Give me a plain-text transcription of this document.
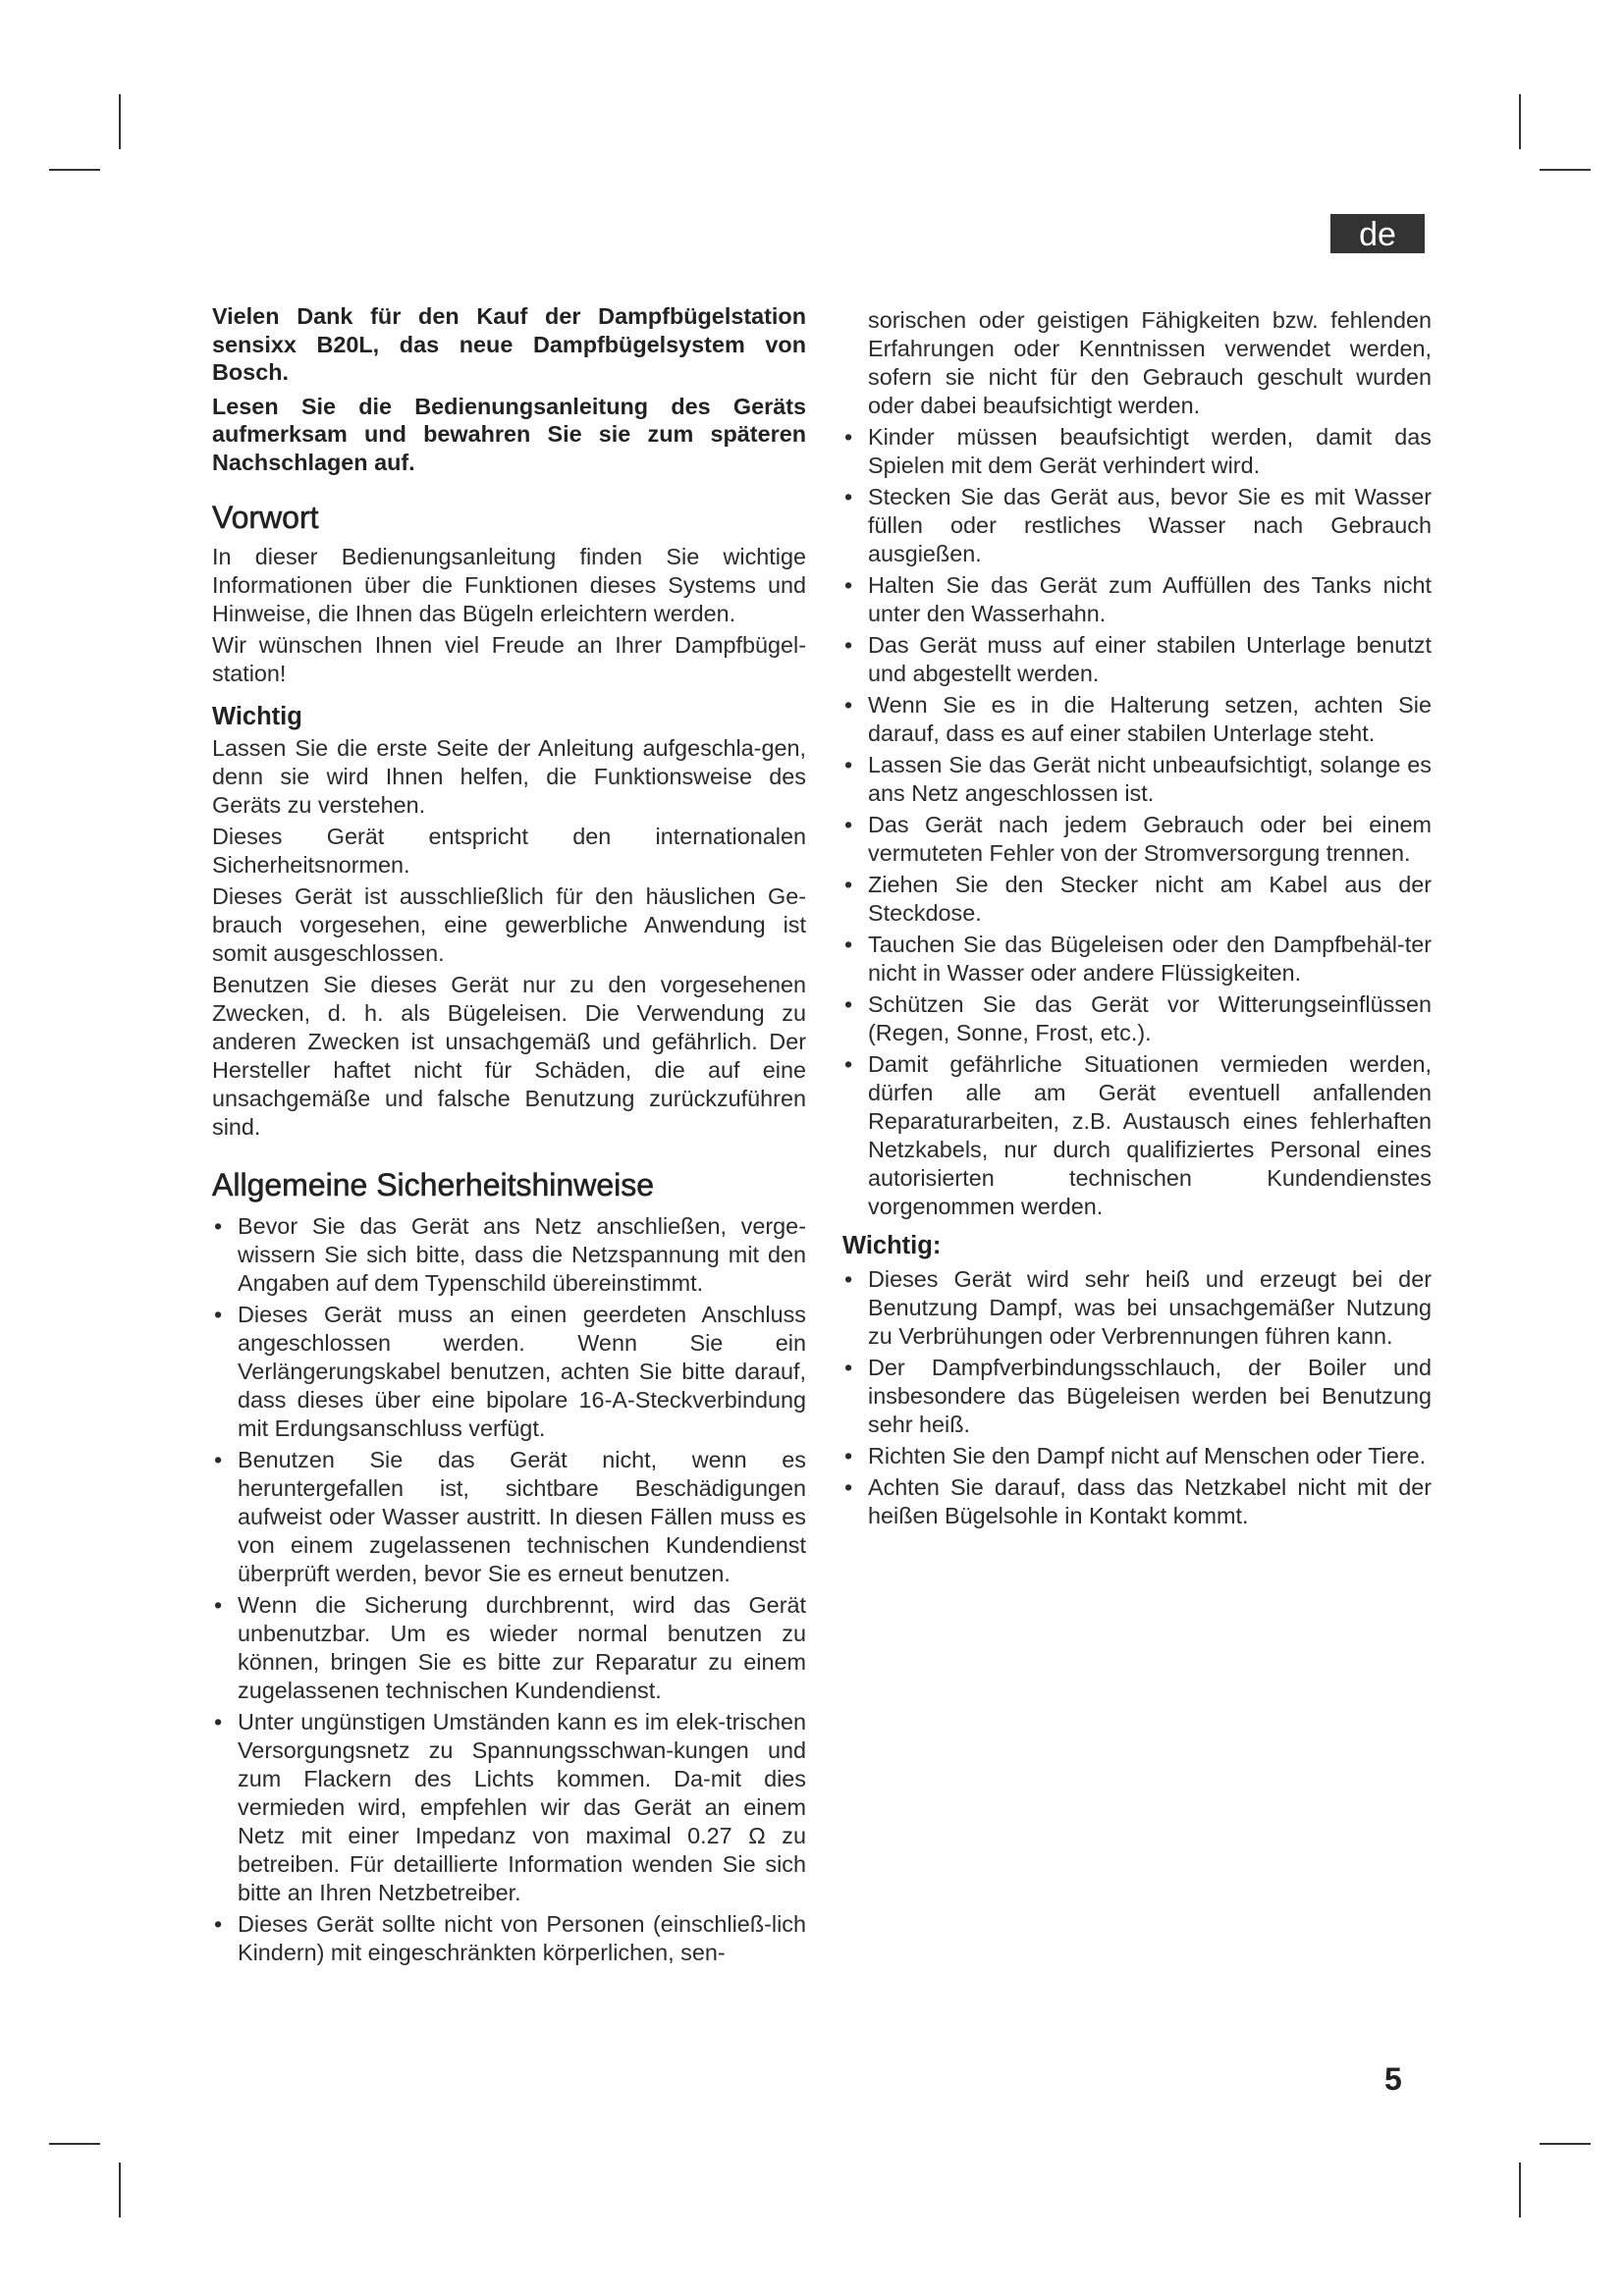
de

Vielen Dank für den Kauf der Dampfbügelstation sensixx B20L, das neue Dampfbügelsystem von Bosch.

Lesen Sie die Bedienungsanleitung des Geräts aufmerksam und bewahren Sie sie zum späteren Nachschlagen auf.

Vorwort

In dieser Bedienungsanleitung finden Sie wichtige Informationen über die Funktionen dieses Systems und Hinweise, die Ihnen das Bügeln erleichtern werden.

Wir wünschen Ihnen viel Freude an Ihrer Dampfbügel-station!

Wichtig

Lassen Sie die erste Seite der Anleitung aufgeschla-gen, denn sie wird Ihnen helfen, die Funktionsweise des Geräts zu verstehen.

Dieses Gerät entspricht den internationalen Sicherheitsnormen.

Dieses Gerät ist ausschließlich für den häuslichen Ge-brauch vorgesehen, eine gewerbliche Anwendung ist somit ausgeschlossen.

Benutzen Sie dieses Gerät nur zu den vorgesehenen Zwecken, d. h. als Bügeleisen. Die Verwendung zu anderen Zwecken ist unsachgemäß und gefährlich. Der Hersteller haftet nicht für Schäden, die auf eine unsachgemäße und falsche Benutzung zurückzuführen sind.

Allgemeine Sicherheitshinweise
• Bevor Sie das Gerät ans Netz anschließen, verge-wissern Sie sich bitte, dass die Netzspannung mit den Angaben auf dem Typenschild übereinstimmt.
• Dieses Gerät muss an einen geerdeten Anschluss angeschlossen werden. Wenn Sie ein Verlängerungskabel benutzen, achten Sie bitte darauf, dass dieses über eine bipolare 16-A-Steckverbindung mit Erdungsanschluss verfügt.
• Benutzen Sie das Gerät nicht, wenn es heruntergefallen ist, sichtbare Beschädigungen aufweist oder Wasser austritt. In diesen Fällen muss es von einem zugelassenen technischen Kundendienst überprüft werden, bevor Sie es erneut benutzen.
• Wenn die Sicherung durchbrennt, wird das Gerät unbenutzbar. Um es wieder normal benutzen zu können, bringen Sie es bitte zur Reparatur zu einem zugelassenen technischen Kundendienst.
• Unter ungünstigen Umständen kann es im elek-trischen Versorgungsnetz zu Spannungsschwan-kungen und zum Flackern des Lichts kommen. Da-mit dies vermieden wird, empfehlen wir das Gerät an einem Netz mit einer Impedanz von maximal 0.27 Ω zu betreiben. Für detaillierte Information wenden Sie sich bitte an Ihren Netzbetreiber.
• Dieses Gerät sollte nicht von Personen (einschließ-lich Kindern) mit eingeschränkten körperlichen, sen-

sorischen oder geistigen Fähigkeiten bzw. fehlenden Erfahrungen oder Kenntnissen verwendet werden, sofern sie nicht für den Gebrauch geschult wurden oder dabei beaufsichtigt werden.

• Kinder müssen beaufsichtigt werden, damit das Spielen mit dem Gerät verhindert wird.
• Stecken Sie das Gerät aus, bevor Sie es mit Wasser füllen oder restliches Wasser nach Gebrauch ausgießen.
• Halten Sie das Gerät zum Auffüllen des Tanks nicht unter den Wasserhahn.
• Das Gerät muss auf einer stabilen Unterlage benutzt und abgestellt werden.
• Wenn Sie es in die Halterung setzen, achten Sie darauf, dass es auf einer stabilen Unterlage steht.
• Lassen Sie das Gerät nicht unbeaufsichtigt, solange es ans Netz angeschlossen ist.
• Das Gerät nach jedem Gebrauch oder bei einem vermuteten Fehler von der Stromversorgung trennen.
• Ziehen Sie den Stecker nicht am Kabel aus der Steckdose.
• Tauchen Sie das Bügeleisen oder den Dampfbehäl-ter nicht in Wasser oder andere Flüssigkeiten.
• Schützen Sie das Gerät vor Witterungseinflüssen (Regen, Sonne, Frost, etc.).
• Damit gefährliche Situationen vermieden werden, dürfen alle am Gerät eventuell anfallenden Reparaturarbeiten, z.B. Austausch eines fehlerhaften Netzkabels, nur durch qualifiziertes Personal eines autorisierten technischen Kundendienstes vorgenommen werden.
Wichtig:
• Dieses Gerät wird sehr heiß und erzeugt bei der Benutzung Dampf, was bei unsachgemäßer Nutzung zu Verbrühungen oder Verbrennungen führen kann.
• Der Dampfverbindungsschlauch, der Boiler und insbesondere das Bügeleisen werden bei Benutzung sehr heiß.
• Richten Sie den Dampf nicht auf Menschen oder Tiere.
• Achten Sie darauf, dass das Netzkabel nicht mit der heißen Bügelsohle in Kontakt kommt.
5
